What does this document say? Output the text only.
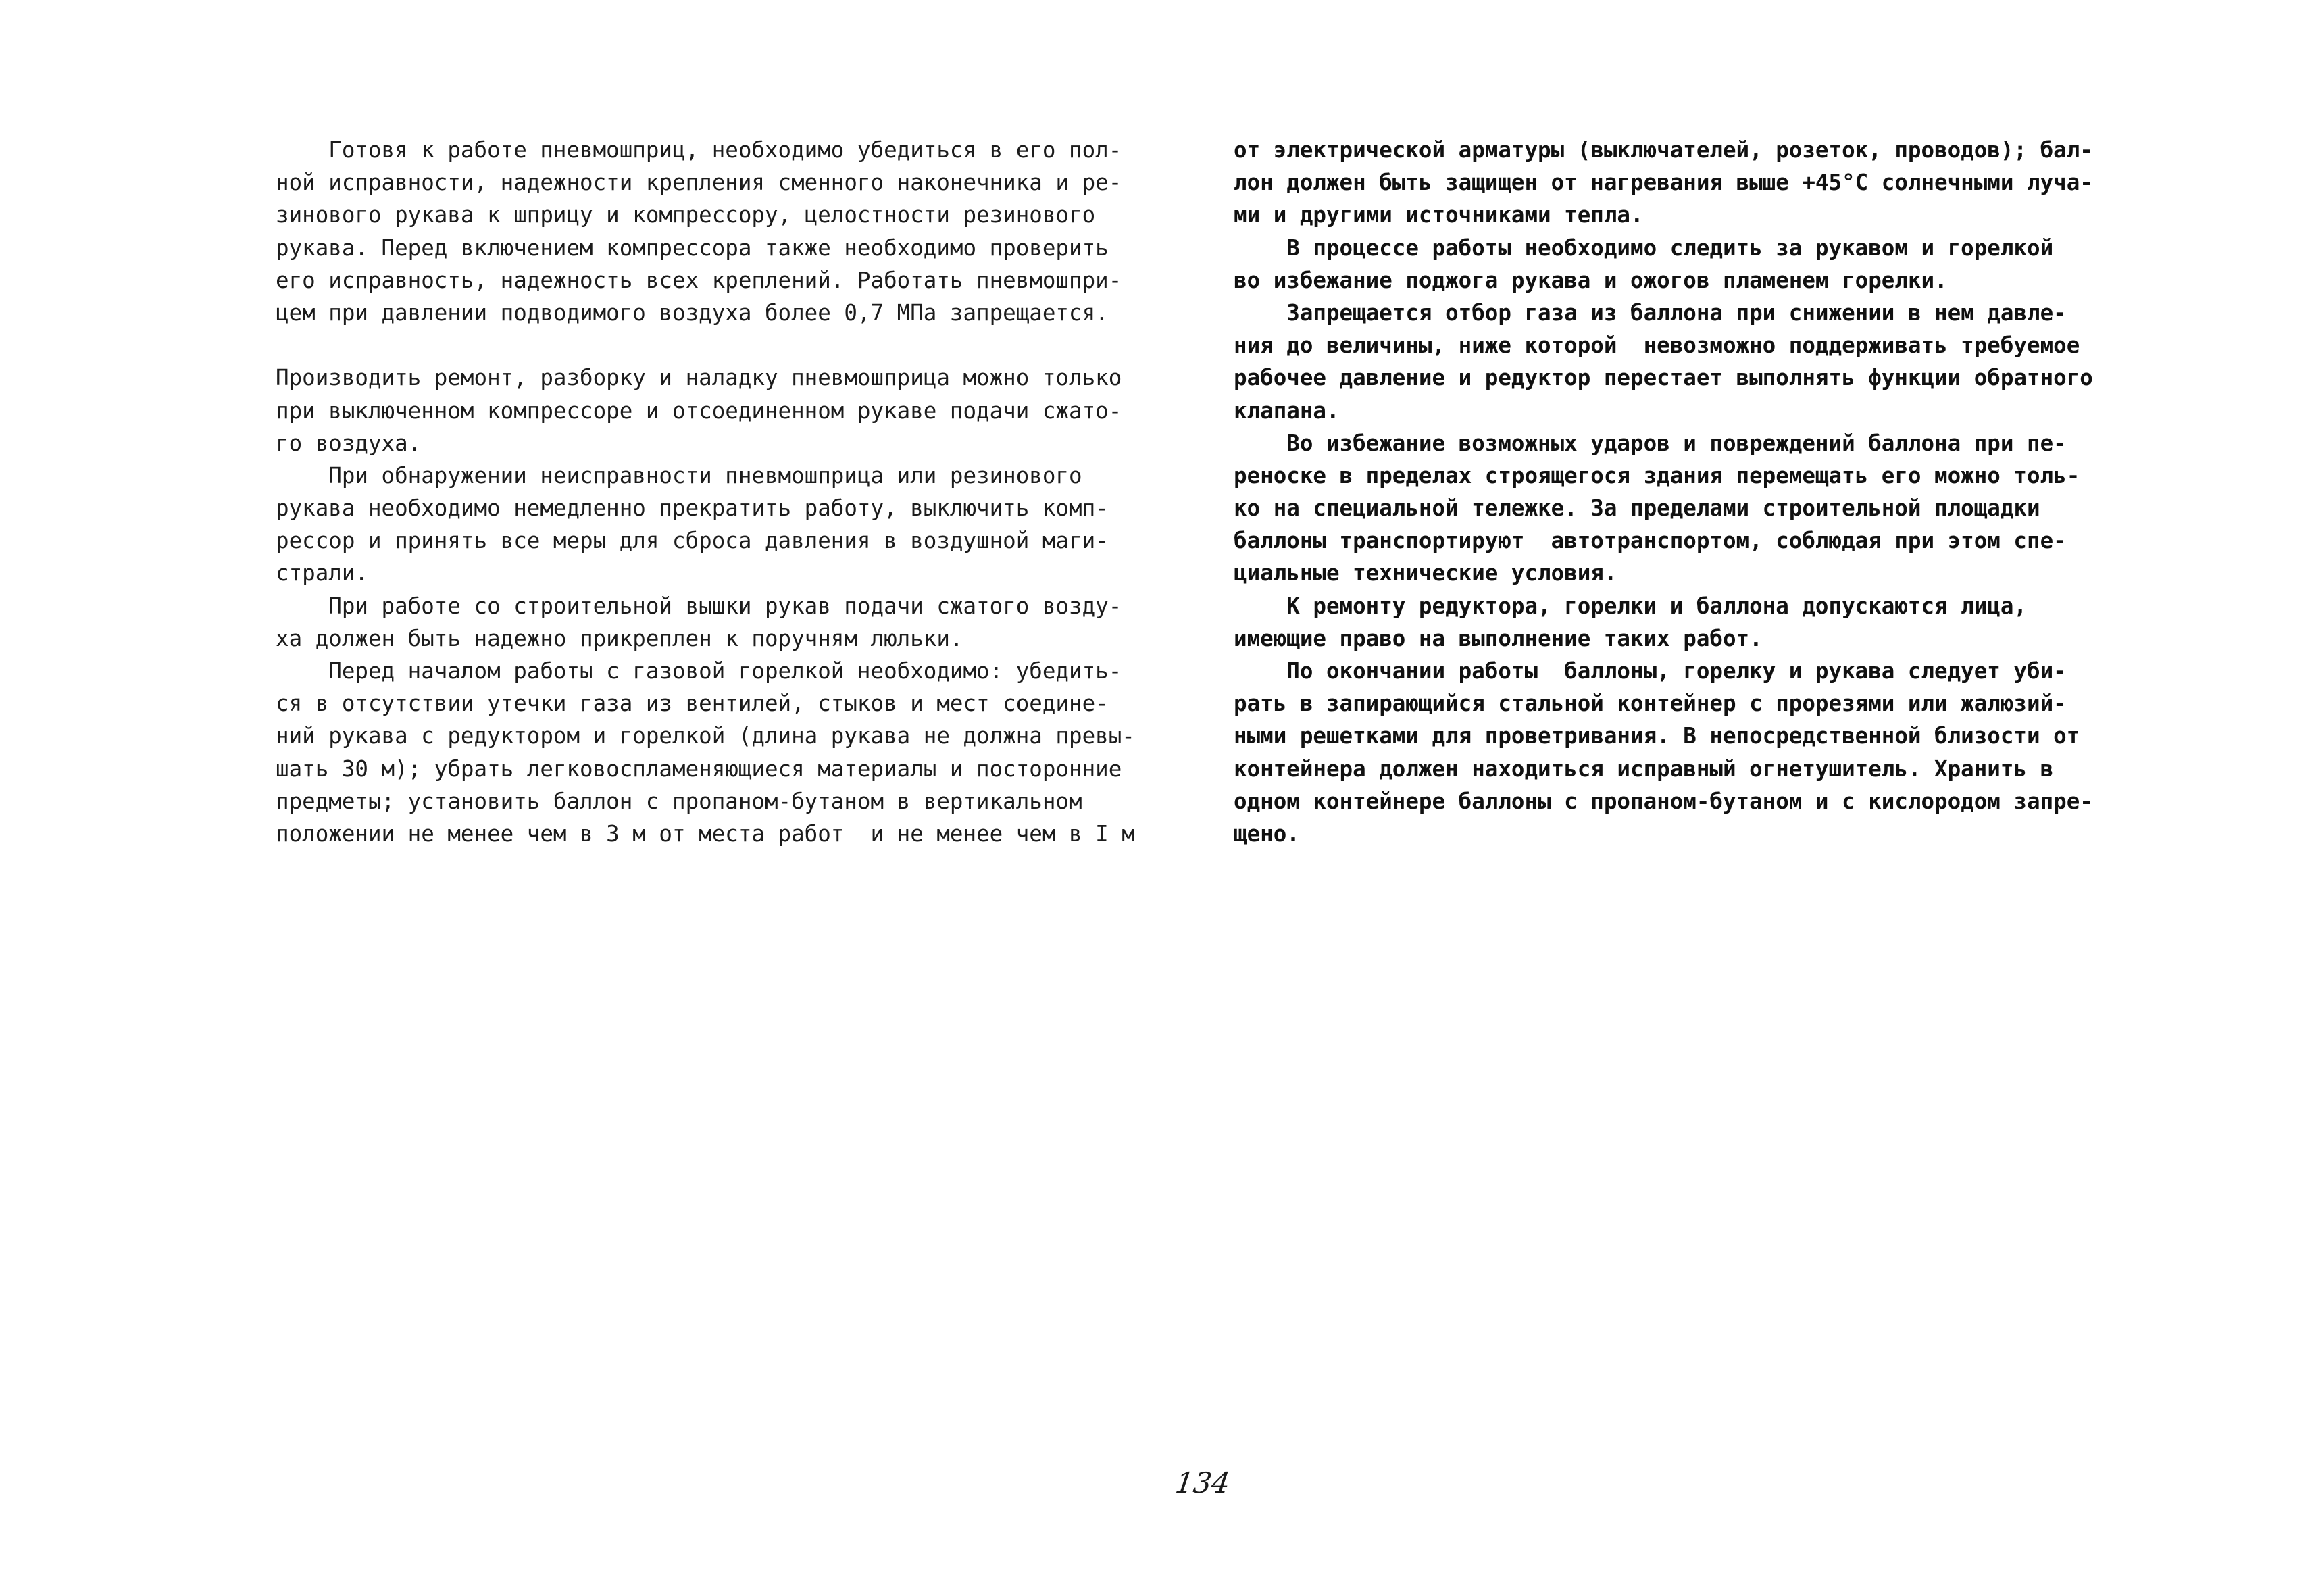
Готовя к работе пневмошприц, необходимо убедиться в его пол-
ной исправности, надежности крепления сменного наконечника и ре-
зинового рукава к шприцу и компрессору, целостности резинового
рукава. Перед включением компрессора также необходимо проверить
его исправность, надежность всех креплений. Работать пневмошпри-
цем при давлении подводимого воздуха более 0,7 МПа запрещается.
Производить ремонт, разборку и наладку пневмошприца можно только
при выключенном компрессоре и отсоединенном рукаве подачи сжато-
го воздуха.
При обнаружении неисправности пневмошприца или резинового
рукава необходимо немедленно прекратить работу, выключить комп-
рессор и принять все меры для сброса давления в воздушной маги-
страли.
При работе со строительной вышки рукав подачи сжатого возду-
ха должен быть надежно прикреплен к поручням люльки.
Перед началом работы с газовой горелкой необходимо: убедить-
ся в отсутствии утечки газа из вентилей, стыков и мест соедине-
ний рукава с редуктором и горелкой (длина рукава не должна превы-
шать 30 м); убрать легковоспламеняющиеся материалы и посторонние
предметы; установить баллон с пропаном-бутаном в вертикальном
положении не менее чем в 3 м от места работ  и не менее чем в I м
от электрической арматуры (выключателей, розеток, проводов); бал-
лон должен быть защищен от нагревания выше +45°С солнечными луча-
ми и другими источниками тепла.
В процессе работы необходимо следить за рукавом и горелкой
во избежание поджога рукава и ожогов пламенем горелки.
Запрещается отбор газа из баллона при снижении в нем давле-
ния до величины, ниже которой  невозможно поддерживать требуемое
рабочее давление и редуктор перестает выполнять функции обратного
клапана.
Во избежание возможных ударов и повреждений баллона при пе-
реноске в пределах строящегося здания перемещать его можно толь-
ко на специальной тележке. За пределами строительной площадки
баллоны транспортируют  автотранспортом, соблюдая при этом спе-
циальные технические условия.
К ремонту редуктора, горелки и баллона допускаются лица,
имеющие право на выполнение таких работ.
По окончании работы  баллоны, горелку и рукава следует уби-
рать в запирающийся стальной контейнер с прорезями или жалюзий-
ными решетками для проветривания. В непосредственной близости от
контейнера должен находиться исправный огнетушитель. Хранить в
одном контейнере баллоны с пропаном-бутаном и с кислородом запре-
щено.
134
